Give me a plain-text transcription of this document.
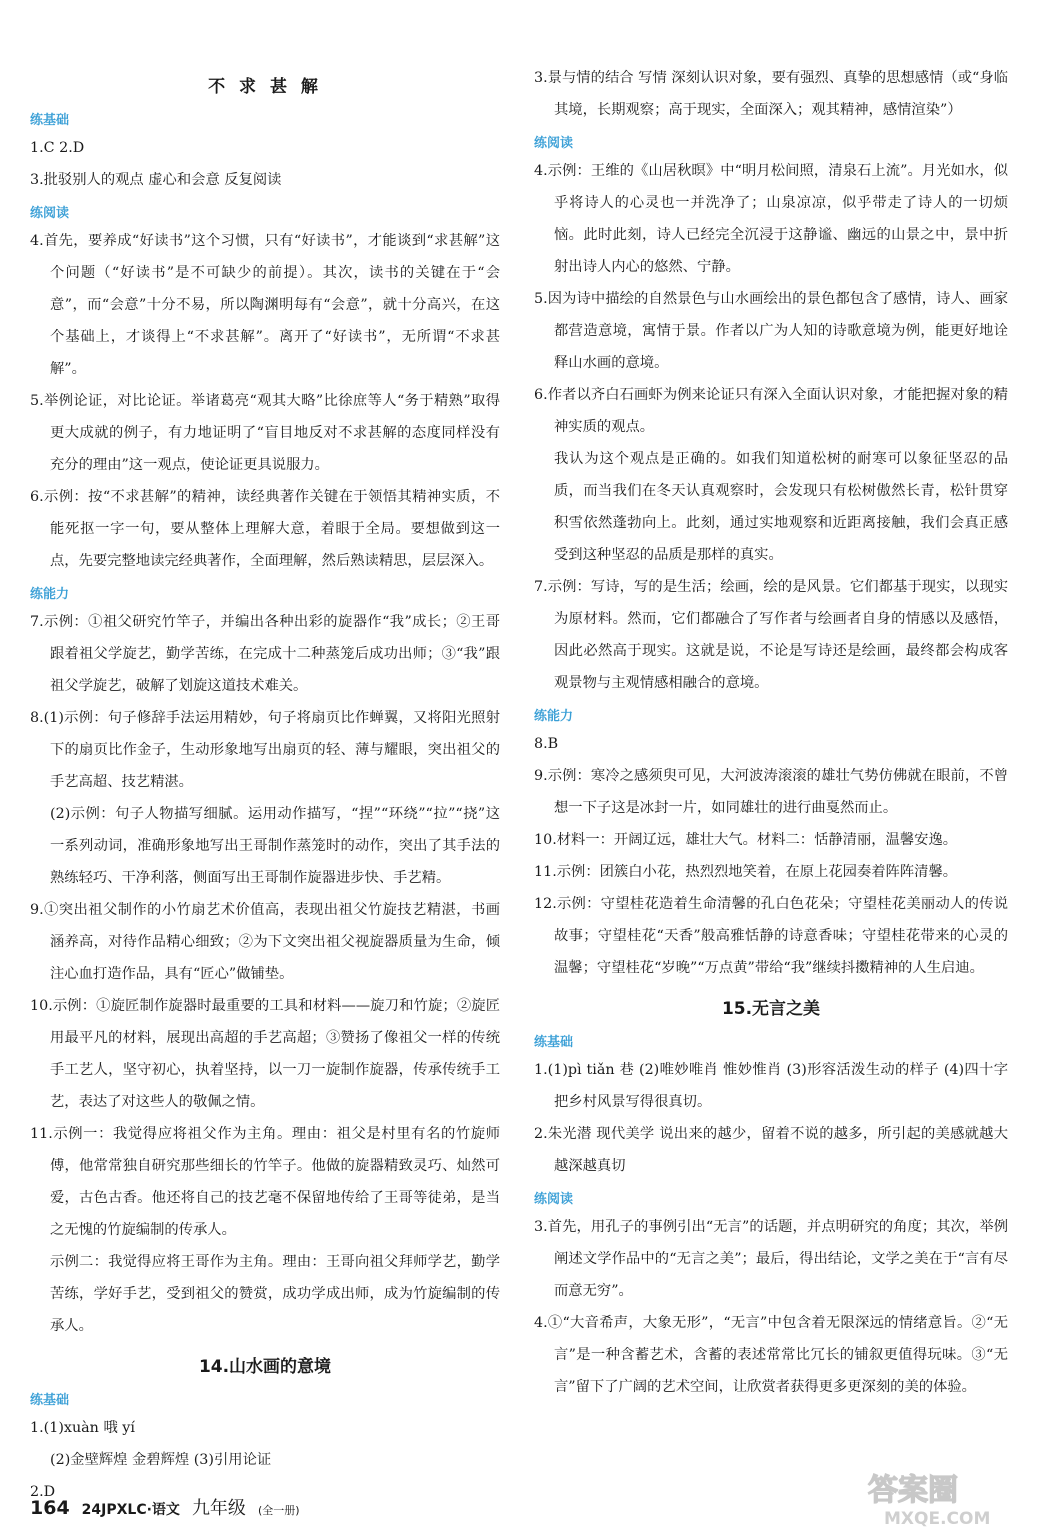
不 求 甚 解
练基础

1.C 2.D

3.批驳别人的观点 虚心和会意 反复阅读

练阅读

4.首先，要养成“好读书”这个习惯，只有“好读书”，才能谈到“求甚解”这个问题（“好读书”是不可缺少的前提）。其次，读书的关键在于“会意”，而“会意”十分不易，所以陶渊明每有“会意”，就十分高兴，在这个基础上，才谈得上“不求甚解”。离开了“好读书”，无所谓“不求甚解”。

5.举例论证，对比论证。举诸葛亮“观其大略”比徐庶等人“务于精熟”取得更大成就的例子，有力地证明了“盲目地反对不求甚解的态度同样没有充分的理由”这一观点，使论证更具说服力。

6.示例：按“不求甚解”的精神，读经典著作关键在于领悟其精神实质，不能死抠一字一句，要从整体上理解大意，着眼于全局。要想做到这一点，先要完整地读完经典著作，全面理解，然后熟读精思，层层深入。

练能力

7.示例：①祖父研究竹竿子，并编出各种出彩的旋器作“我”成长；②王哥跟着祖父学旋艺，勤学苦练，在完成十二种蒸笼后成功出师；③“我”跟祖父学旋艺，破解了划旋这道技术难关。

8.(1)示例：句子修辞手法运用精妙，句子将扇页比作蝉翼，又将阳光照射下的扇页比作金子，生动形象地写出扇页的轻、薄与耀眼，突出祖父的手艺高超、技艺精湛。

(2)示例：句子人物描写细腻。运用动作描写，“捏”“环绕”“拉”“挠”这一系列动词，准确形象地写出王哥制作蒸笼时的动作，突出了其手法的熟练轻巧、干净利落，侧面写出王哥制作旋器进步快、手艺精。

9.①突出祖父制作的小竹扇艺术价值高，表现出祖父竹旋技艺精湛，书画涵养高，对待作品精心细致；②为下文突出祖父视旋器质量为生命，倾注心血打造作品，具有“匠心”做铺垫。

10.示例：①旋匠制作旋器时最重要的工具和材料——旋刀和竹旋；②旋匠用最平凡的材料，展现出高超的手艺高超；③赞扬了像祖父一样的传统手工艺人，坚守初心，执着坚持，以一刀一旋制作旋器，传承传统手工艺，表达了对这些人的敬佩之情。

11.示例一：我觉得应将祖父作为主角。理由：祖父是村里有名的竹旋师傅，他常常独自研究那些细长的竹竿子。他做的旋器精致灵巧、灿然可爱，古色古香。他还将自己的技艺毫不保留地传给了王哥等徒弟，是当之无愧的竹旋编制的传承人。

示例二：我觉得应将王哥作为主角。理由：王哥向祖父拜师学艺，勤学苦练，学好手艺，受到祖父的赞赏，成功学成出师，成为竹旋编制的传承人。

14.山水画的意境
练基础

1.(1)xuàn 哦 yí

(2)金壁辉煌 金碧辉煌 (3)引用论证

2.D

3.景与情的结合 写情 深刻认识对象，要有强烈、真挚的思想感情（或“身临其境，长期观察；高于现实，全面深入；观其精神，感情渲染”）

练阅读

4.示例：王维的《山居秋暝》中“明月松间照，清泉石上流”。月光如水，似乎将诗人的心灵也一并洗净了；山泉凉凉，似乎带走了诗人的一切烦恼。此时此刻，诗人已经完全沉浸于这静谧、幽远的山景之中，景中折射出诗人内心的悠然、宁静。

5.因为诗中描绘的自然景色与山水画绘出的景色都包含了感情，诗人、画家都营造意境，寓情于景。作者以广为人知的诗歌意境为例，能更好地诠释山水画的意境。

6.作者以齐白石画虾为例来论证只有深入全面认识对象，才能把握对象的精神实质的观点。

我认为这个观点是正确的。如我们知道松树的耐寒可以象征坚忍的品质，而当我们在冬天认真观察时，会发现只有松树傲然长青，松针贯穿积雪依然蓬勃向上。此刻，通过实地观察和近距离接触，我们会真正感受到这种坚忍的品质是那样的真实。

7.示例：写诗，写的是生活；绘画，绘的是风景。它们都基于现实，以现实为原材料。然而，它们都融合了写作者与绘画者自身的情感以及感悟，因此必然高于现实。这就是说，不论是写诗还是绘画，最终都会构成客观景物与主观情感相融合的意境。

练能力

8.B

9.示例：寒冷之感须臾可见，大河波涛滚滚的雄壮气势仿佛就在眼前，不曾想一下子这是冰封一片，如同雄壮的进行曲戛然而止。

10.材料一：开阔辽远，雄壮大气。材料二：恬静清丽，温馨安逸。

11.示例：团簇白小花，热烈烈地笑着，在原上花园奏着阵阵清馨。

12.示例：守望桂花造着生命清馨的孔白色花朵；守望桂花美丽动人的传说故事；守望桂花“天香”般高雅恬静的诗意香味；守望桂花带来的心灵的温馨；守望桂花“岁晚”“万点黄”带给“我”继续抖擞精神的人生启迪。

15.无言之美
练基础

1.(1)pì tiǎn 巷 (2)唯妙唯肖 惟妙惟肖 (3)形容活泼生动的样子 (4)四十字把乡村风景写得很真切。

2.朱光潜 现代美学 说出来的越少，留着不说的越多，所引起的美感就越大越深越真切

练阅读

3.首先，用孔子的事例引出“无言”的话题，并点明研究的角度；其次，举例阐述文学作品中的“无言之美”；最后，得出结论，文学之美在于“言有尽而意无穷”。

4.①“大音希声，大象无形”，“无言”中包含着无限深远的情绪意旨。②“无言”是一种含蓄艺术，含蓄的表述常常比冗长的铺叙更值得玩味。③“无言”留下了广阔的艺术空间，让欣赏者获得更多更深刻的美的体验。

164 24JPXLC·语文 九年级 (全一册)
答案圈
MXQE.COM
